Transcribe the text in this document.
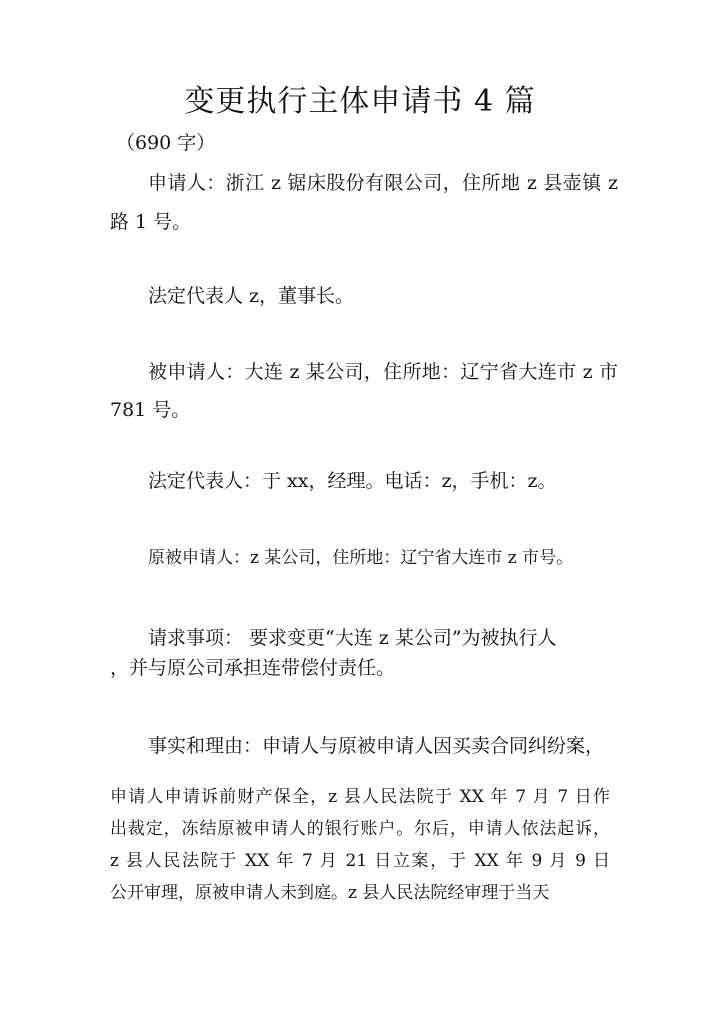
变更执行主体申请书 4 篇
（690 字）
申请人：浙江 z 锯床股份有限公司，住所地 z 县壶镇 z
路 1 号。
法定代表人 z，董事长。
被申请人：大连 z 某公司，住所地：辽宁省大连市 z 市
781 号。
法定代表人：于 xx，经理。电话：z，手机：z。
原被申请人：z 某公司，住所地：辽宁省大连市 z 市号。
请求事项： 要求变更“大连 z 某公司”为被执行人
，并与原公司承担连带偿付责任。
事实和理由：申请人与原被申请人因买卖合同纠纷案，
申请人申请诉前财产保全，z 县人民法院于 XX 年 7 月 7 日作
出裁定，冻结原被申请人的银行账户。尔后，申请人依法起诉，
z 县人民法院于 XX 年 7 月 21 日立案，于 XX 年 9 月 9 日
公开审理，原被申请人未到庭。z 县人民法院经审理于当天
